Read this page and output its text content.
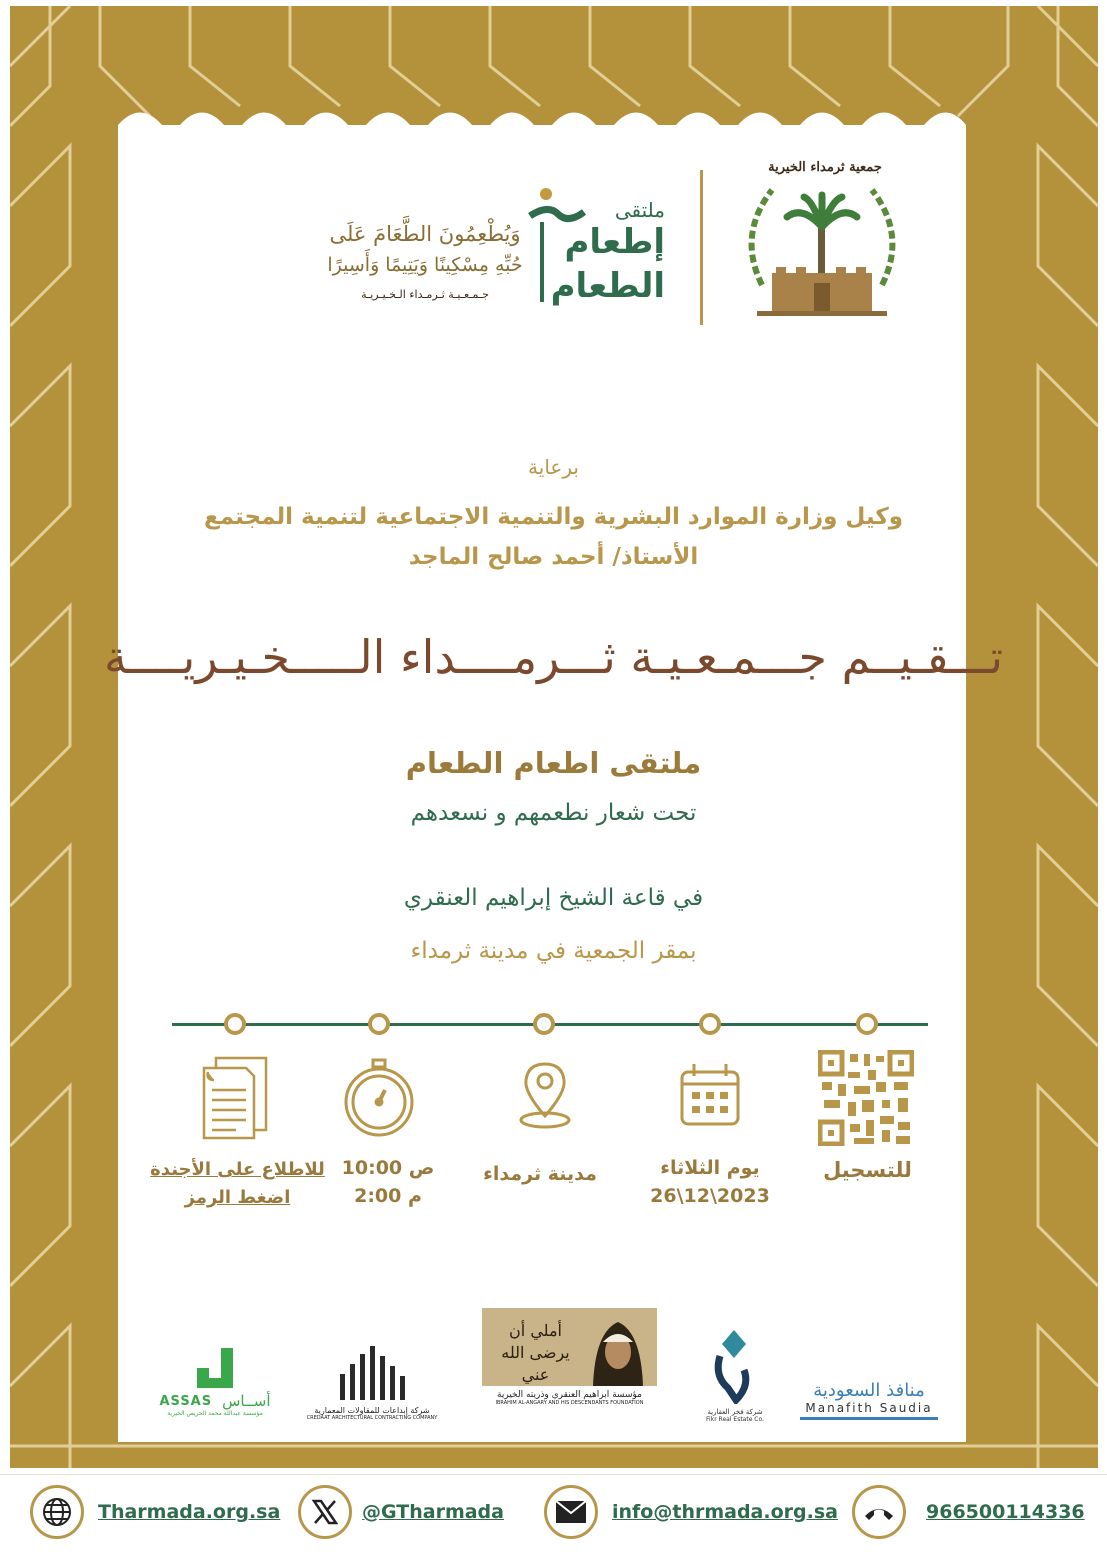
جمعية ثرمداء الخيرية
ملتقى
إطعام
الطعام
وَيُطْعِمُونَ الطَّعَامَ عَلَى
حُبِّهِ مِسْكِينًا وَيَتِيمًا وَأَسِيرًا
جـمـعـيـة ثـرمـداء الـخـيـريـة
برعاية
وكيل وزارة الموارد البشرية والتنمية الاجتماعية لتنمية المجتمع
الأستاذ/ أحمد صالح الماجد
تـــقـيــم جـــمـعـيـة ثـــرمــــداء الـــــخـيـريــــة
ملتقى اطعام الطعام
تحت شعار نطعمهم و نسعدهم
في قاعة الشيخ إبراهيم العنقري
بمقر الجمعية في مدينة ثرمداء
للتسجيل
يوم الثلاثاء
26\12\2023
مدينة ثرمداء
ص 10:00
م 2:00
للاطلاع على الأجندة
اضغط الرمز
منافذ السعودية
Manafith Saudia
شركة فخر العقارية
Fikr Real Estate Co.
أملي أن يرضى الله عني
مؤسسة ابراهيم العنقري وذريته الخيرية
IBRAHIM AL-ANGARY AND HIS DESCENDANTS FOUNDATION
شركة إبداعات للمقاولات المعمارية
CREDAAT ARCHITECTURAL CONTRACTING COMPANY
أســاس
ASSAS
مؤسسة عبدالله محمد الحريص الخيرية
Tharmada.org.sa	@GTharmada	info@thrmada.org.sa	966500114336
